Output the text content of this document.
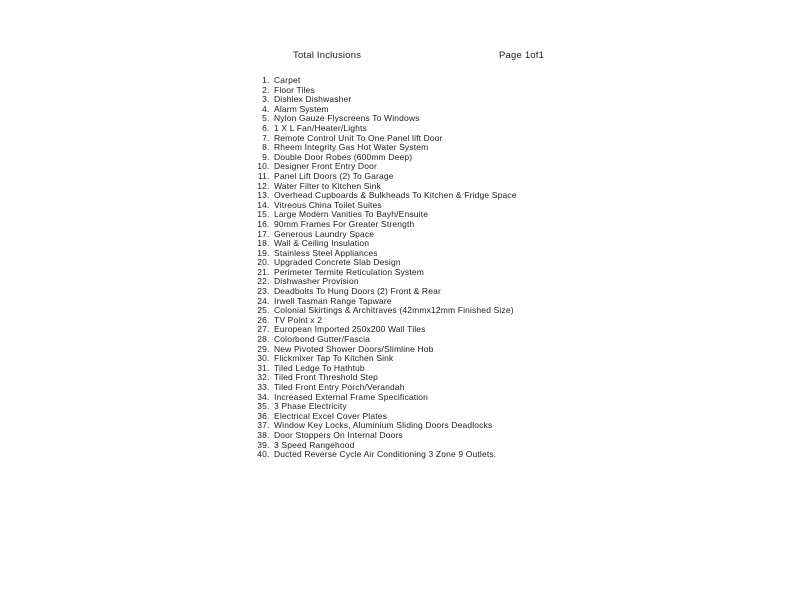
Total Inclusions	Page 1of1
1. Carpet
2. Floor Tiles
3. Dishlex Dishwasher
4. Alarm System
5. Nylon Gauze Flyscreens To Windows
6. 1 X L Fan/Heater/Lights
7. Remote Control Unit To One Panel lift Door
8. Rheem Integrity Gas Hot Water System
9. Double Door Robes (600mm Deep)
10. Designer Front Entry Door
11. Panel Lift Doors (2) To Garage
12. Water Filter to Kitchen Sink
13. Overhead Cupboards & Bulkheads To Kitchen & Fridge Space
14. Vitreous China Toilet Suites
15. Large Modern Vanities To Bayh/Ensuite
16. 90mm Frames For Greater Strength
17. Generous Laundry Space
18. Wall & Ceiling Insulation
19. Stainless Steel Appliances
20. Upgraded Concrete Slab Design
21. Perimeter Termite Reticulation System
22. Dishwasher Provision
23. Deadbolts To Hung Doors (2) Front & Rear
24. Irwell Tasman Range Tapware
25. Colonial Skirtings & Architraves (42mmx12mm Finished Size)
26. TV Point x 2
27. European Imported 250x200 Wall Tiles
28. Colorbond Gutter/Fascia
29. New Pivoted Shower Doors/Slimline Hob
30. Flickmixer Tap To Kitchen Sink
31. Tiled Ledge To Hathtub
32. Tiled Front Threshold Step
33. Tiled Front Entry Porch/Verandah
34. Increased External Frame Specification
35. 3 Phase Electricity
36. Electrical Excel Cover Plates
37. Window Key Locks, Aluminium Sliding Doors Deadlocks
38. Door Stoppers On Internal Doors
39. 3 Speed Rangehood
40. Ducted Reverse Cycle Air Conditioning 3 Zone 9 Outlets.
